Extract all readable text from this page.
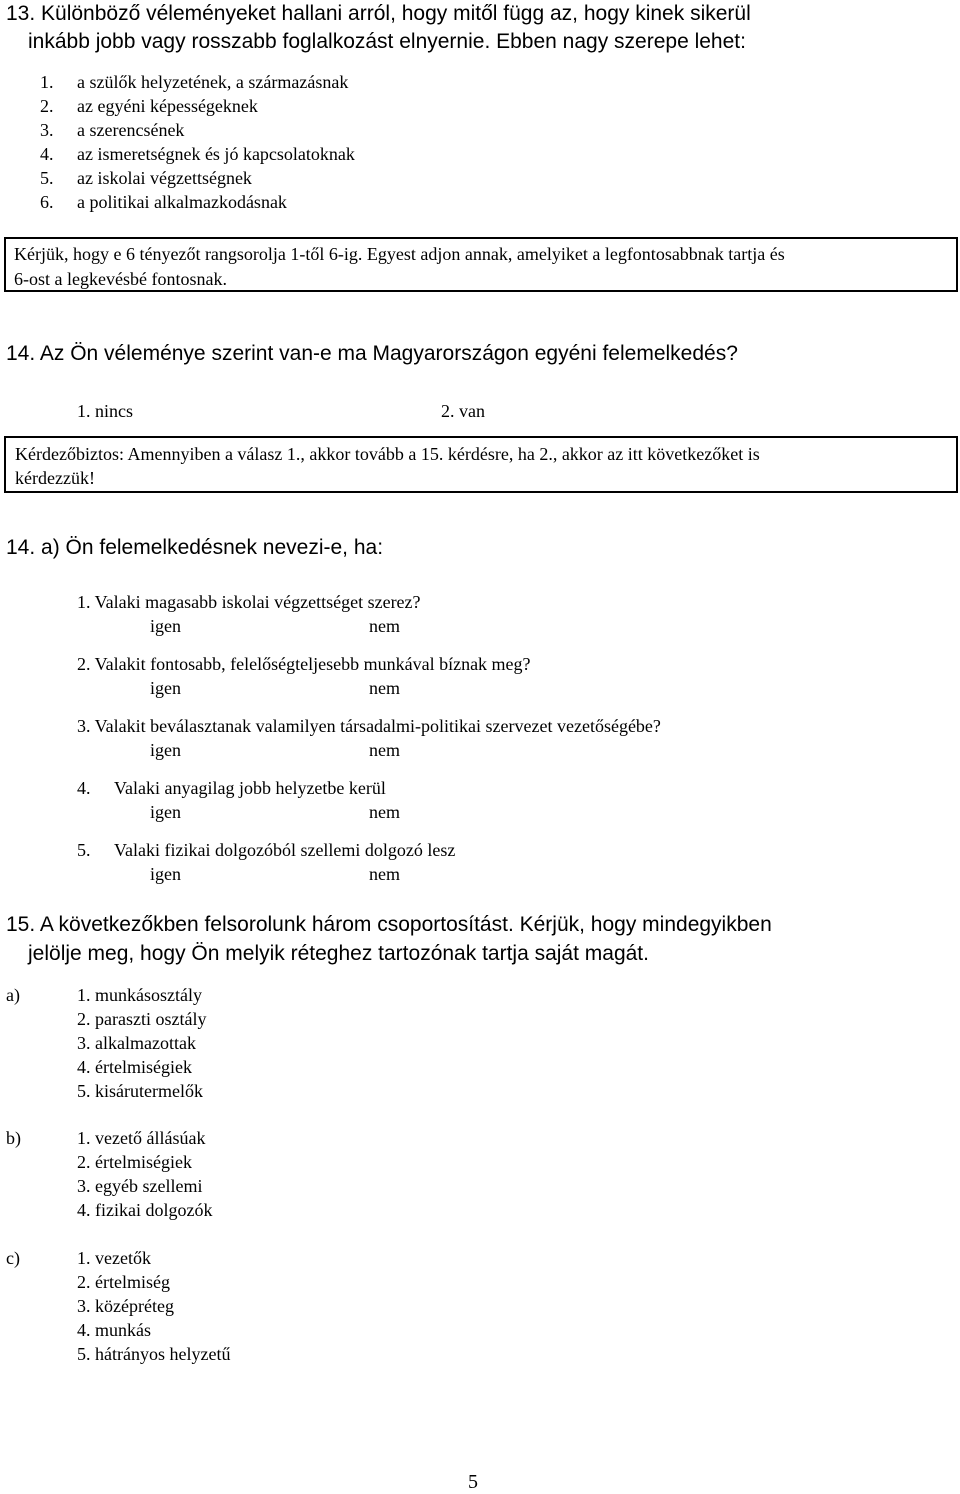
13. Különböző véleményeket hallani arról, hogy mitől függ az, hogy kinek sikerül
inkább jobb vagy rosszabb foglalkozást elnyernie. Ebben nagy szerepe lehet:
1. a szülők helyzetének, a származásnak
2. az egyéni képességeknek
3. a szerencsének
4. az ismeretségnek és jó kapcsolatoknak
5. az iskolai végzettségnek
6. a politikai alkalmazkodásnak
Kérjük, hogy e 6 tényezőt rangsorolja 1-től 6-ig. Egyest adjon annak, amelyiket a legfontosabbnak tartja és
6-ost a legkevésbé fontosnak.
14. Az Ön véleménye szerint van-e ma Magyarországon egyéni felemelkedés?
1. nincs	2. van
Kérdezőbiztos: Amennyiben a válasz 1., akkor tovább a 15. kérdésre, ha 2., akkor az itt következőket is
kérdezzük!
14. a) Ön felemelkedésnek nevezi-e, ha:
1. Valaki magasabb iskolai végzettséget szerez?
igen	nem
2. Valakit fontosabb, felelőségteljesebb munkával bíznak meg?
igen	nem
3. Valakit beválasztanak valamilyen társadalmi-politikai szervezet vezetőségébe?
igen	nem
4. Valaki anyagilag jobb helyzetbe kerül
igen	nem
5. Valaki fizikai dolgozóból szellemi dolgozó lesz
igen	nem
15. A következőkben felsorolunk három csoportosítást. Kérjük, hogy mindegyikben
jelölje meg, hogy Ön melyik réteghez tartozónak tartja saját magát.
a)	1. munkásosztály
2. paraszti osztály
3. alkalmazottak
4. értelmiségiek
5. kisárutermelők
b)	1. vezető állásúak
2. értelmiségiek
3. egyéb szellemi
4. fizikai dolgozók
c)	1. vezetők
2. értelmiség
3. középréteg
4. munkás
5. hátrányos helyzetű
5
